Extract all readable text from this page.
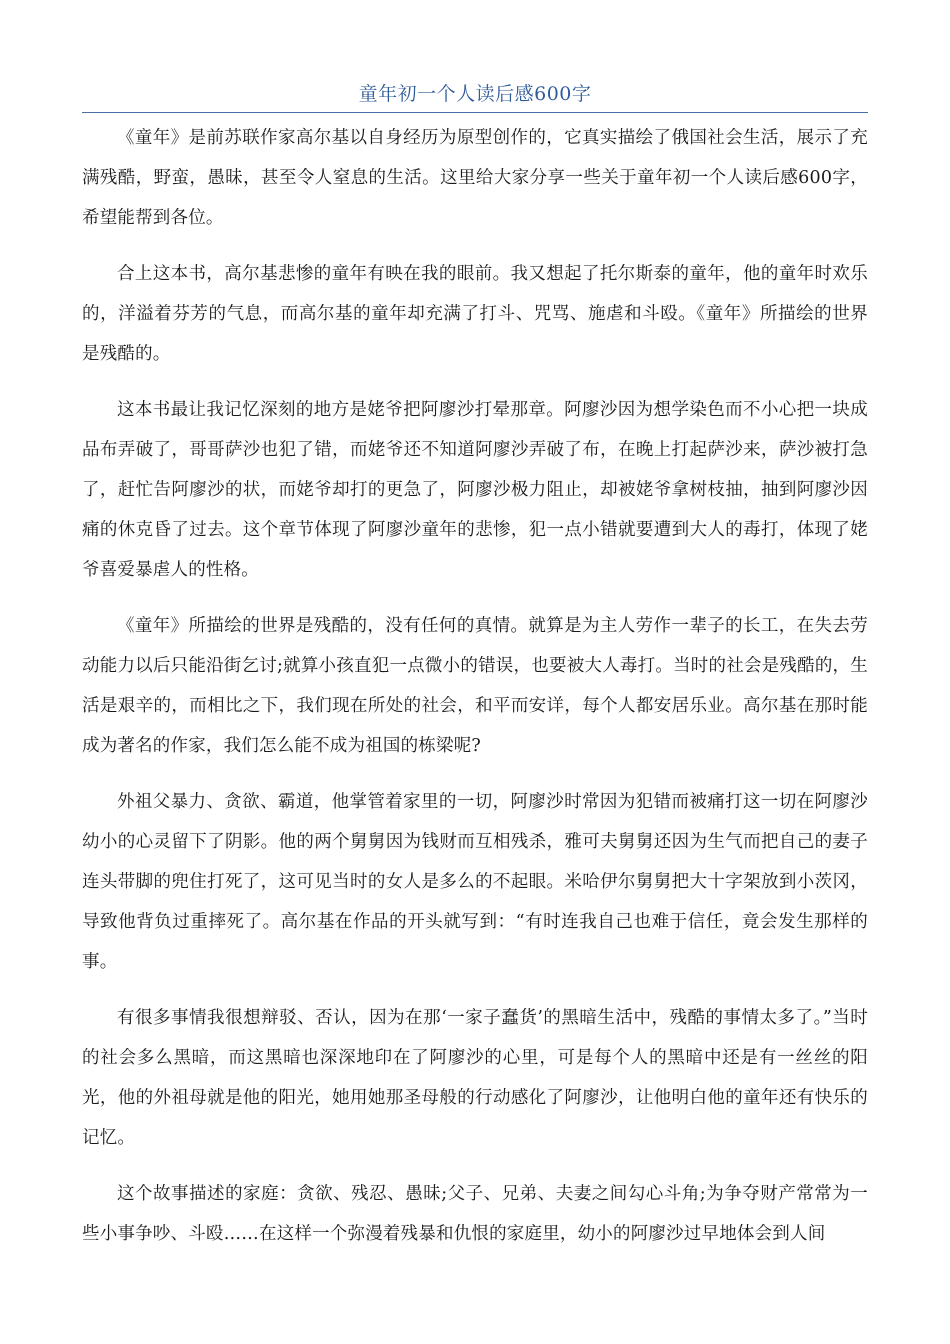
童年初一个人读后感600字

《童年》是前苏联作家高尔基以自身经历为原型创作的，它真实描绘了俄国社会生活，展示了充满残酷，野蛮，愚昧，甚至令人窒息的生活。这里给大家分享一些关于童年初一个人读后感600字，希望能帮到各位。

合上这本书，高尔基悲惨的童年有映在我的眼前。我又想起了托尔斯泰的童年，他的童年时欢乐的，洋溢着芬芳的气息，而高尔基的童年却充满了打斗、咒骂、施虐和斗殴。《童年》所描绘的世界是残酷的。

这本书最让我记忆深刻的地方是姥爷把阿廖沙打晕那章。阿廖沙因为想学染色而不小心把一块成品布弄破了，哥哥萨沙也犯了错，而姥爷还不知道阿廖沙弄破了布，在晚上打起萨沙来，萨沙被打急了，赶忙告阿廖沙的状，而姥爷却打的更急了，阿廖沙极力阻止，却被姥爷拿树枝抽，抽到阿廖沙因痛的休克昏了过去。这个章节体现了阿廖沙童年的悲惨，犯一点小错就要遭到大人的毒打，体现了姥爷喜爱暴虐人的性格。

《童年》所描绘的世界是残酷的，没有任何的真情。就算是为主人劳作一辈子的长工，在失去劳动能力以后只能沿街乞讨;就算小孩直犯一点微小的错误，也要被大人毒打。当时的社会是残酷的，生活是艰辛的，而相比之下，我们现在所处的社会，和平而安详，每个人都安居乐业。高尔基在那时能成为著名的作家，我们怎么能不成为祖国的栋梁呢?

外祖父暴力、贪欲、霸道，他掌管着家里的一切，阿廖沙时常因为犯错而被痛打这一切在阿廖沙幼小的心灵留下了阴影。他的两个舅舅因为钱财而互相残杀，雅可夫舅舅还因为生气而把自己的妻子连头带脚的兜住打死了，这可见当时的女人是多么的不起眼。米哈伊尔舅舅把大十字架放到小茨冈，导致他背负过重摔死了。高尔基在作品的开头就写到：“有时连我自己也难于信任，竟会发生那样的事。

有很多事情我很想辩驳、否认，因为在那‘一家子蠢货’的黑暗生活中，残酷的事情太多了。”当时的社会多么黑暗，而这黑暗也深深地印在了阿廖沙的心里，可是每个人的黑暗中还是有一丝丝的阳光，他的外祖母就是他的阳光，她用她那圣母般的行动感化了阿廖沙，让他明白他的童年还有快乐的记忆。

这个故事描述的家庭：贪欲、残忍、愚昧;父子、兄弟、夫妻之间勾心斗角;为争夺财产常常为一些小事争吵、斗殴……在这样一个弥漫着残暴和仇恨的家庭里，幼小的阿廖沙过早地体会到人间
